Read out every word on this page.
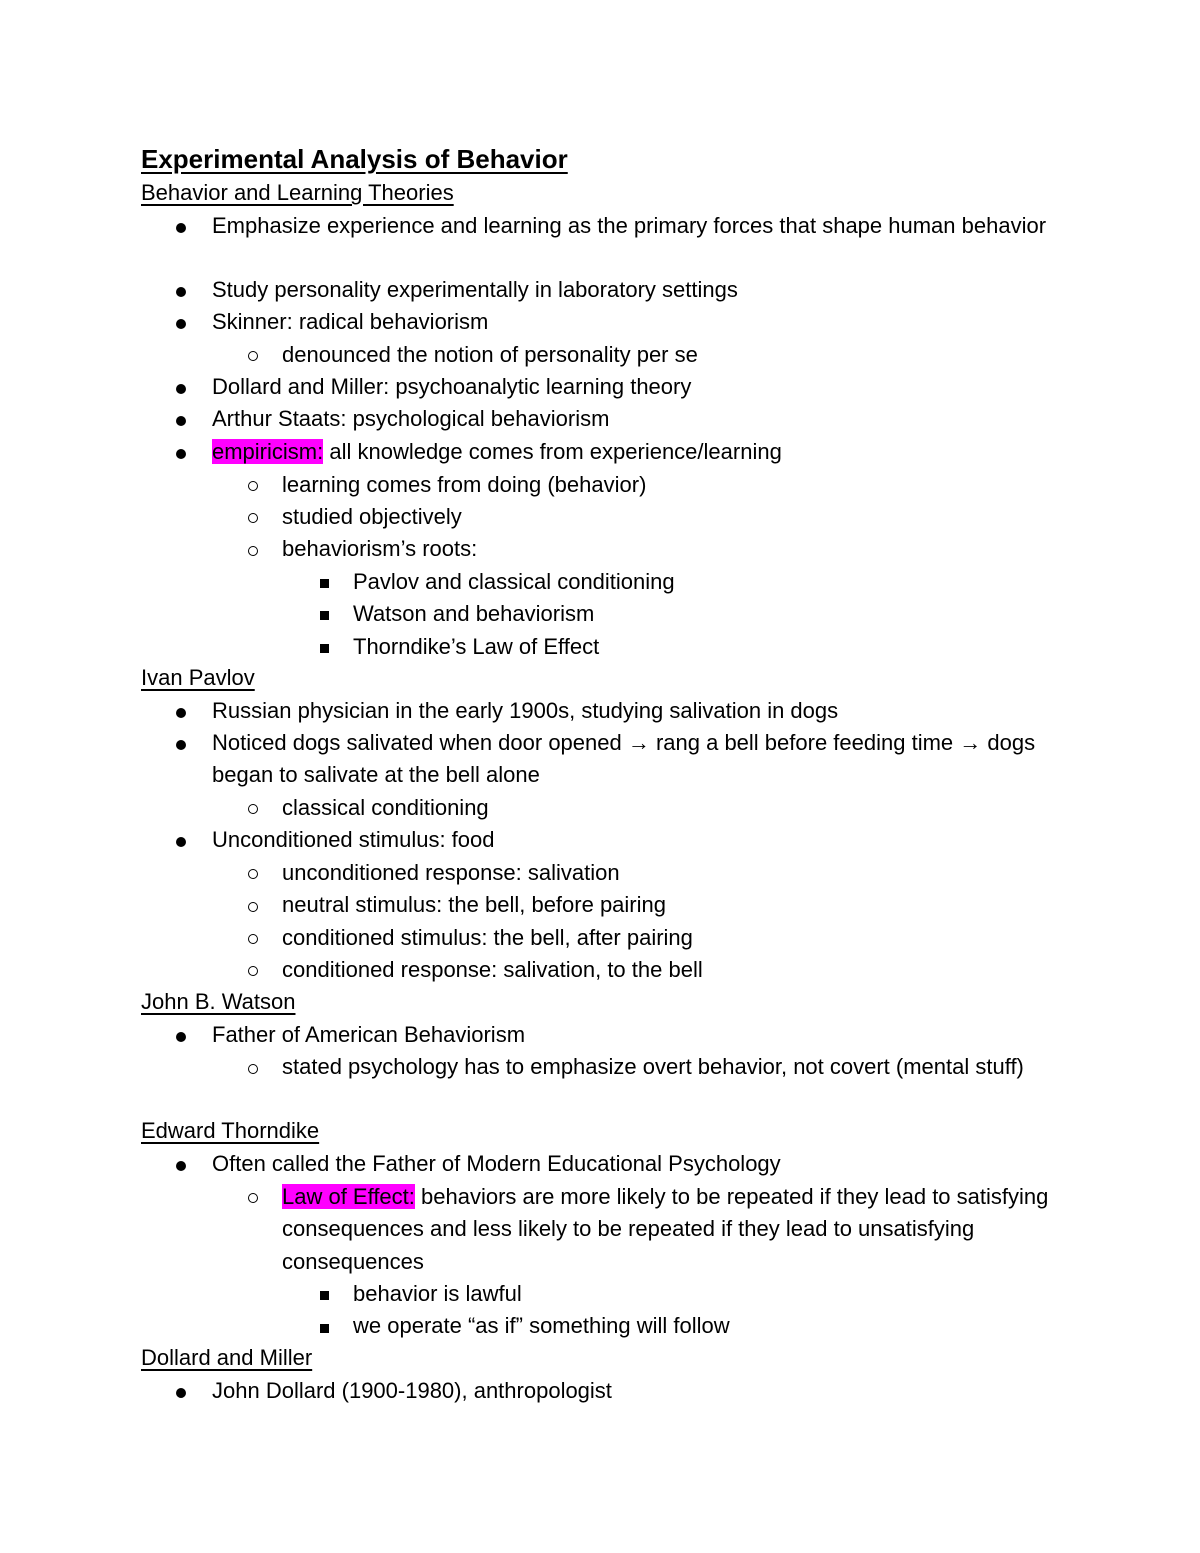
Experimental Analysis of Behavior
Behavior and Learning Theories
Emphasize experience and learning as the primary forces that shape human behavior
Study personality experimentally in laboratory settings
Skinner: radical behaviorism
denounced the notion of personality per se
Dollard and Miller: psychoanalytic learning theory
Arthur Staats: psychological behaviorism
empiricism: all knowledge comes from experience/learning
learning comes from doing (behavior)
studied objectively
behaviorism’s roots:
Pavlov and classical conditioning
Watson and behaviorism
Thorndike’s Law of Effect
Ivan Pavlov
Russian physician in the early 1900s, studying salivation in dogs
Noticed dogs salivated when door opened → rang a bell before feeding time → dogs began to salivate at the bell alone
classical conditioning
Unconditioned stimulus: food
unconditioned response: salivation
neutral stimulus: the bell, before pairing
conditioned stimulus: the bell, after pairing
conditioned response: salivation, to the bell
John B. Watson
Father of American Behaviorism
stated psychology has to emphasize overt behavior, not covert (mental stuff)
Edward Thorndike
Often called the Father of Modern Educational Psychology
Law of Effect: behaviors are more likely to be repeated if they lead to satisfying consequences and less likely to be repeated if they lead to unsatisfying consequences
behavior is lawful
we operate “as if” something will follow
Dollard and Miller
John Dollard (1900-1980), anthropologist
